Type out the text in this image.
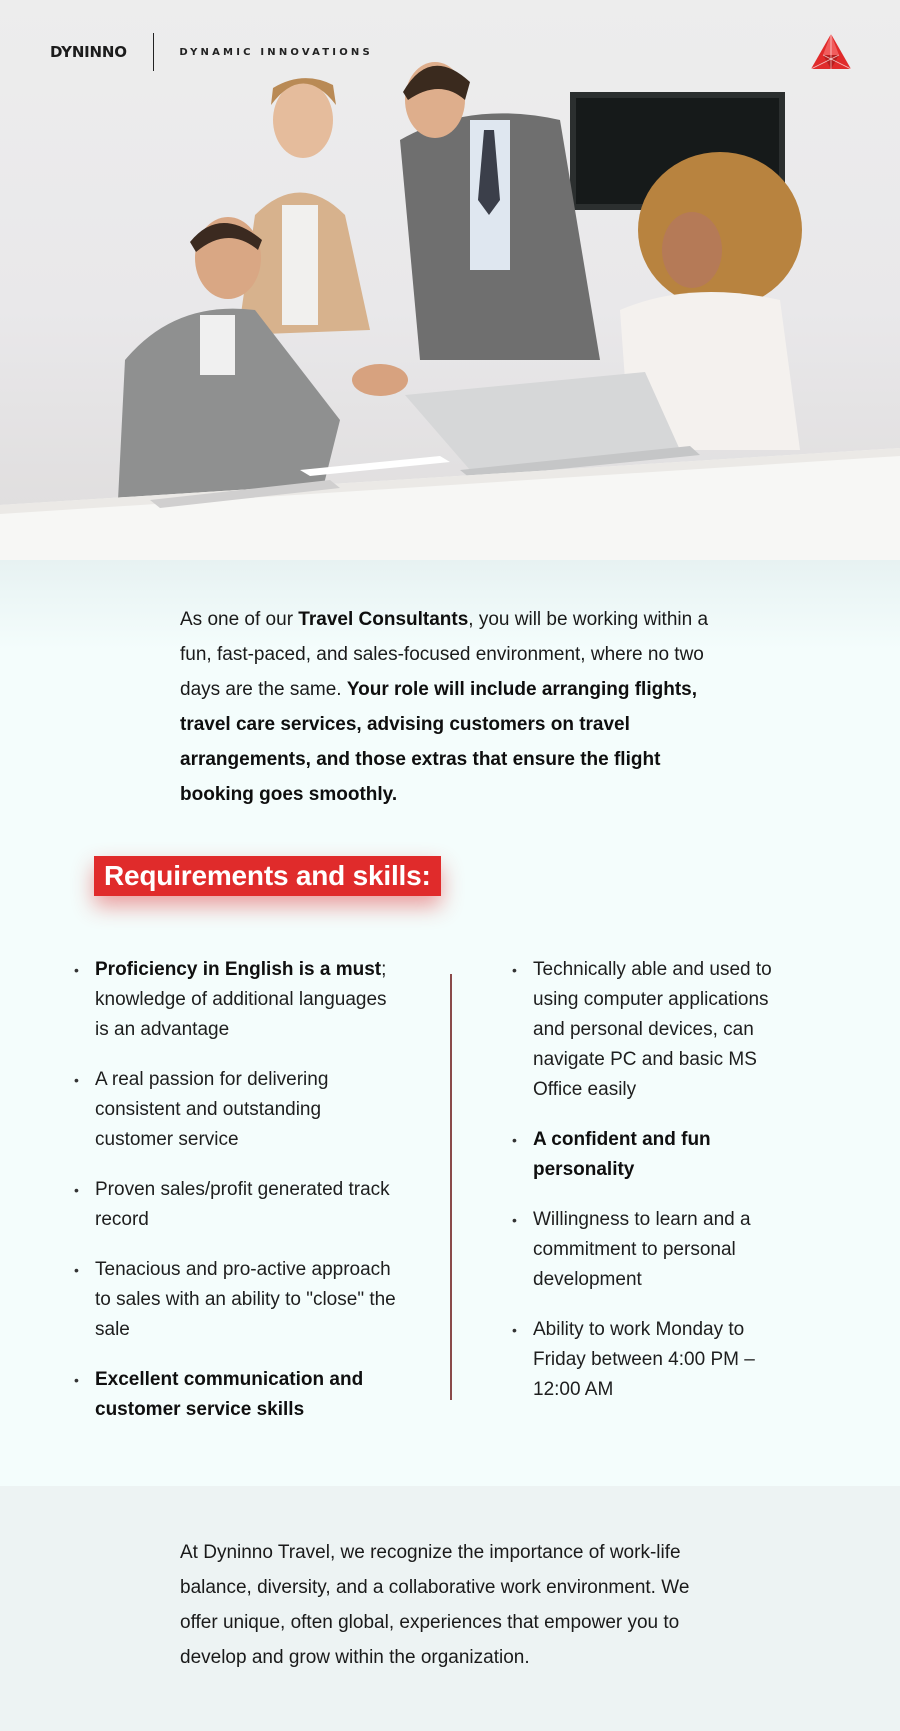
DYNINNO	DYNAMIC INNOVATIONS

As one of our Travel Consultants, you will be working within a fun, fast-paced, and sales-focused environment, where no two days are the same. Your role will include arranging flights, travel care services, advising customers on travel arrangements, and those extras that ensure the flight booking goes smoothly.

Requirements and skills:
• Proficiency in English is a must; knowledge of additional languages is an advantage
• A real passion for delivering consistent and outstanding customer service
• Proven sales/profit generated track record
• Tenacious and pro-active approach to sales with an ability to "close" the sale
• Excellent communication and customer service skills
• Technically able and used to using computer applications and personal devices, can navigate PC and basic MS Office easily
• A confident and fun personality
• Willingness to learn and a commitment to personal development
• Ability to work Monday to Friday between 4:00 PM – 12:00 AM

At Dyninno Travel, we recognize the importance of work-life balance, diversity, and a collaborative work environment. We offer unique, often global, experiences that empower you to develop and grow within the organization.
